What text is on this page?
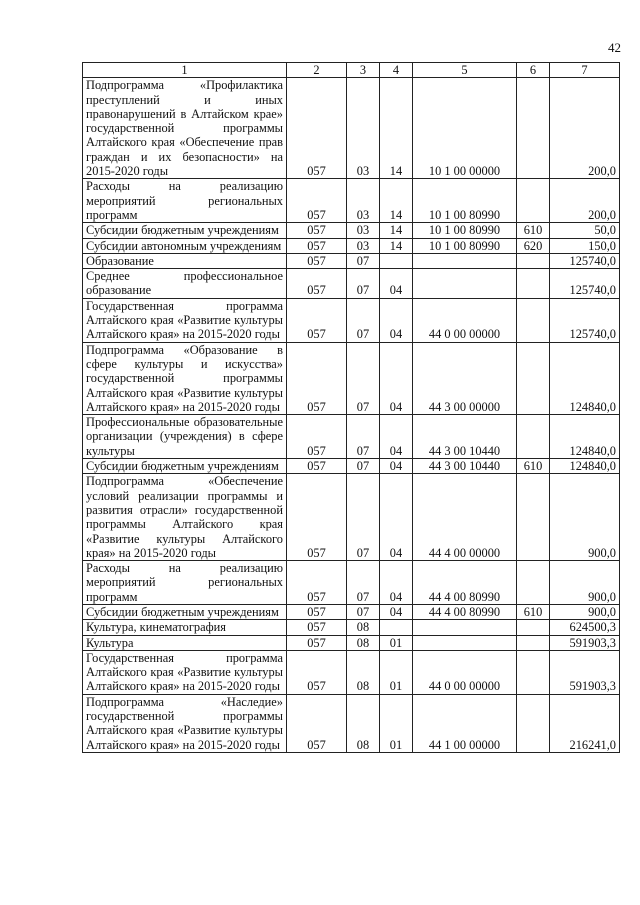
42
1	2	3	4	5	6	7
Подпрограмма «Профилактика преступлений и иных правонарушений в Алтайском крае» государственной программы Алтайского края «Обеспечение прав граждан и их безопасности» на 2015-2020 годы	057	03	14	10 1 00 00000		200,0
Расходы на реализацию мероприятий региональных программ	057	03	14	10 1 00 80990		200,0
Субсидии бюджетным учреждениям	057	03	14	10 1 00 80990	610	50,0
Субсидии автономным учреждениям	057	03	14	10 1 00 80990	620	150,0
Образование	057	07				125740,0
Среднее профессиональное образование	057	07	04			125740,0
Государственная программа Алтайского края «Развитие культуры Алтайского края» на 2015-2020 годы	057	07	04	44 0 00 00000		125740,0
Подпрограмма «Образование в сфере культуры и искусства» государственной программы Алтайского края «Развитие культуры Алтайского края» на 2015-2020 годы	057	07	04	44 3 00 00000		124840,0
Профессиональные образовательные организации (учреждения) в сфере культуры	057	07	04	44 3 00 10440		124840,0
Субсидии бюджетным учреждениям	057	07	04	44 3 00 10440	610	124840,0
Подпрограмма «Обеспечение условий реализации программы и развития отрасли» государственной программы Алтайского края «Развитие культуры Алтайского края» на 2015-2020 годы	057	07	04	44 4 00 00000		900,0
Расходы на реализацию мероприятий региональных программ	057	07	04	44 4 00 80990		900,0
Субсидии бюджетным учреждениям	057	07	04	44 4 00 80990	610	900,0
Культура, кинематография	057	08				624500,3
Культура	057	08	01			591903,3
Государственная программа Алтайского края «Развитие культуры Алтайского края» на 2015-2020 годы	057	08	01	44 0 00 00000		591903,3
Подпрограмма «Наследие» государственной программы Алтайского края «Развитие культуры Алтайского края» на 2015-2020 годы	057	08	01	44 1 00 00000		216241,0
